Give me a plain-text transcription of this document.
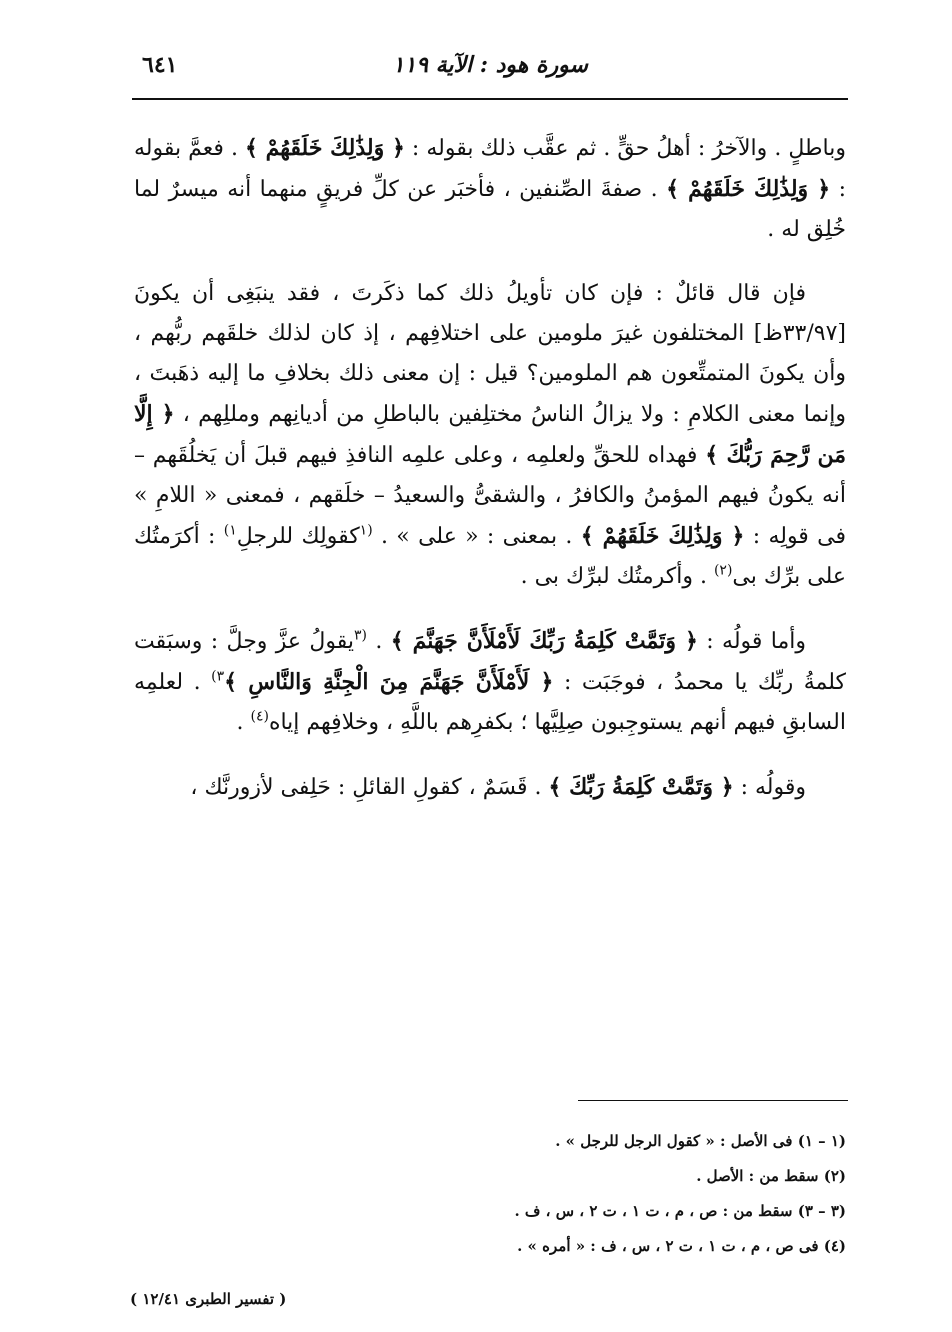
سورة هود : الآية ۱۱۹
٦٤١

وباطلٍ . والآخرُ : أهلُ حقٍّ . ثم عقَّب ذلك بقوله : ﴿ وَلِذَٰلِكَ خَلَقَهُمْ ﴾ . فعمَّ بقوله : ﴿ وَلِذَٰلِكَ خَلَقَهُمْ ﴾ . صفةَ الصِّنفين ، فأخبَر عن كلِّ فريقٍ منهما أنه ميسرٌ لما خُلِق له .

فإن قال قائلٌ : فإن كان تأويلُ ذلك كما ذكَرتَ ، فقد ينبَغِى أن يكونَ [٣٣/٩٧ظ] المختلفون غيرَ ملومين على اختلافِهم ، إذ كان لذلك خلقَهم ربُّهم ، وأن يكونَ المتمتِّعون هم الملومين؟ قيل : إن معنى ذلك بخلافِ ما إليه ذهَبتَ ، وإنما معنى الكلامِ : ولا يزالُ الناسُ مختلِفين بالباطلِ من أديانِهم ومللِهم ، ﴿ إِلَّا مَن رَّحِمَ رَبُّكَ ﴾ فهداه للحقِّ ولعلمِه ، وعلى علمِه النافذِ فيهم قبلَ أن يَخلُقَهم – أنه يكونُ فيهم المؤمنُ والكافرُ ، والشقىُّ والسعيدُ – خلَقهم ، فمعنى « اللامِ » فى قولِه : ﴿ وَلِذَٰلِكَ خَلَقَهُمْ ﴾ . بمعنى : « على » . $^{(١}$كقولِك للرجلِ$^{١)}$ : أكرَمتُك على برِّك بى$^{(٢)}$ . وأكرمتُك لبرِّك بى .

وأما قولُه : ﴿ وَتَمَّتْ كَلِمَةُ رَبِّكَ لَأَمْلَأَنَّ جَهَنَّمَ ﴾ . $^{(٣}$يقولُ عزَّ وجلَّ : وسبَقت كلمةُ ربِّك يا محمدُ ، فوجَبَت : ﴿ لَأَمْلَأَنَّ جَهَنَّمَ مِنَ الْجِنَّةِ وَالنَّاسِ ﴾$^{٣)}$ . لعلمِه السابقِ فيهم أنهم يستوجِبون صِلِيَّها ؛ بكفرِهم باللَّهِ ، وخلافِهم إياه$^{(٤)}$ .

وقولُه : ﴿ وَتَمَّتْ كَلِمَةُ رَبِّكَ ﴾ . قَسَمٌ ، كقولِ القائلِ : حَلِفى لأزورنَّك ،

(١ – ١) فى الأصل : « كقول الرجل للرجل » .
(٢) سقط من : الأصل .
(٣ – ٣) سقط من : ص ، م ، ت ١ ، ت ٢ ، س ، ف .
(٤) فى ص ، م ، ت ١ ، ت ٢ ، س ، ف : « أمره » .
( تفسير الطبرى ١٢/٤١ )
